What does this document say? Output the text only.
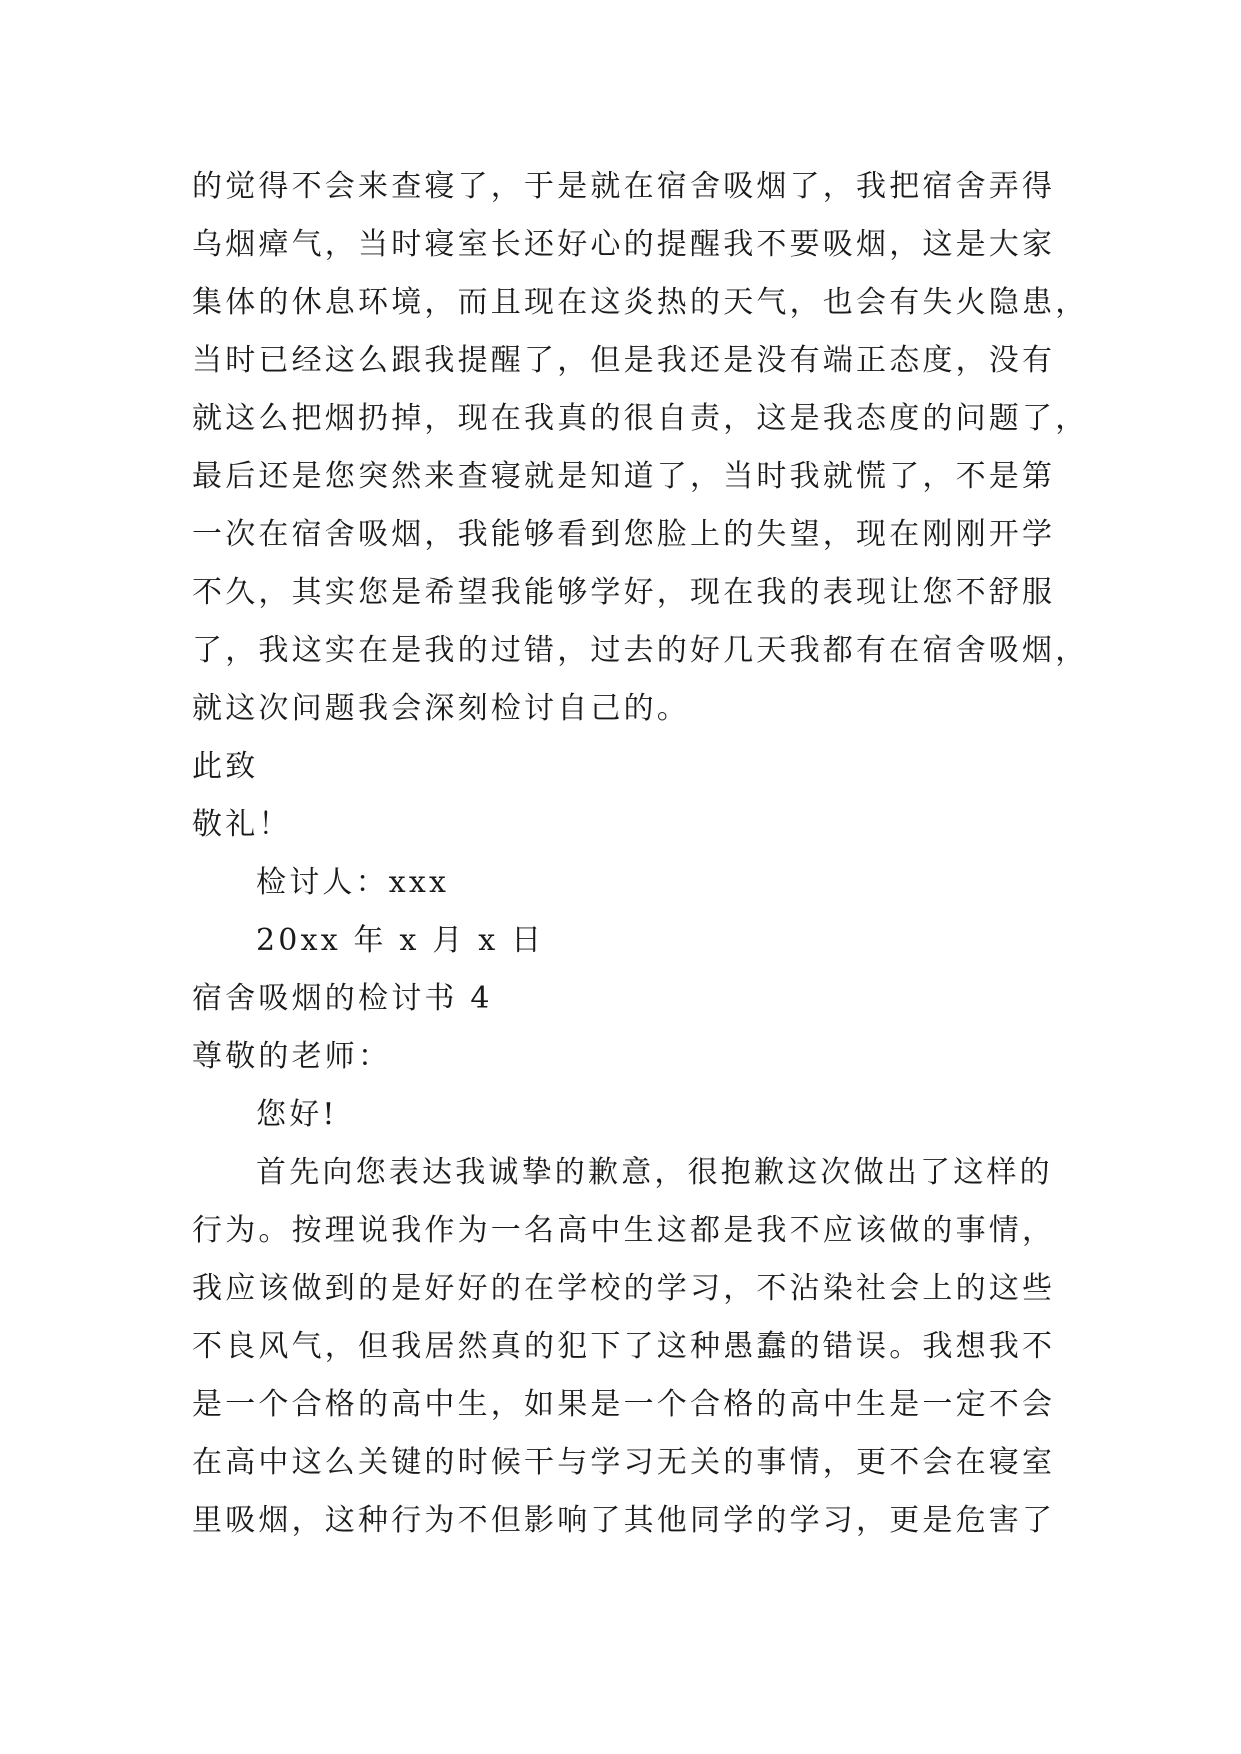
的觉得不会来查寝了，于是就在宿舍吸烟了，我把宿舍弄得
乌烟瘴气，当时寝室长还好心的提醒我不要吸烟，这是大家
集体的休息环境，而且现在这炎热的天气，也会有失火隐患，
当时已经这么跟我提醒了，但是我还是没有端正态度，没有
就这么把烟扔掉，现在我真的很自责，这是我态度的问题了，
最后还是您突然来查寝就是知道了，当时我就慌了，不是第
一次在宿舍吸烟，我能够看到您脸上的失望，现在刚刚开学
不久，其实您是希望我能够学好，现在我的表现让您不舒服
了，我这实在是我的过错，过去的好几天我都有在宿舍吸烟，
就这次问题我会深刻检讨自己的。
此致
敬礼！
检讨人：xxx
20xx 年 x 月 x 日
宿舍吸烟的检讨书 4
尊敬的老师：
您好!
首先向您表达我诚挚的歉意，很抱歉这次做出了这样的
行为。按理说我作为一名高中生这都是我不应该做的事情，
我应该做到的是好好的在学校的学习，不沾染社会上的这些
不良风气，但我居然真的犯下了这种愚蠢的错误。我想我不
是一个合格的高中生，如果是一个合格的高中生是一定不会
在高中这么关键的时候干与学习无关的事情，更不会在寝室
里吸烟，这种行为不但影响了其他同学的学习，更是危害了
